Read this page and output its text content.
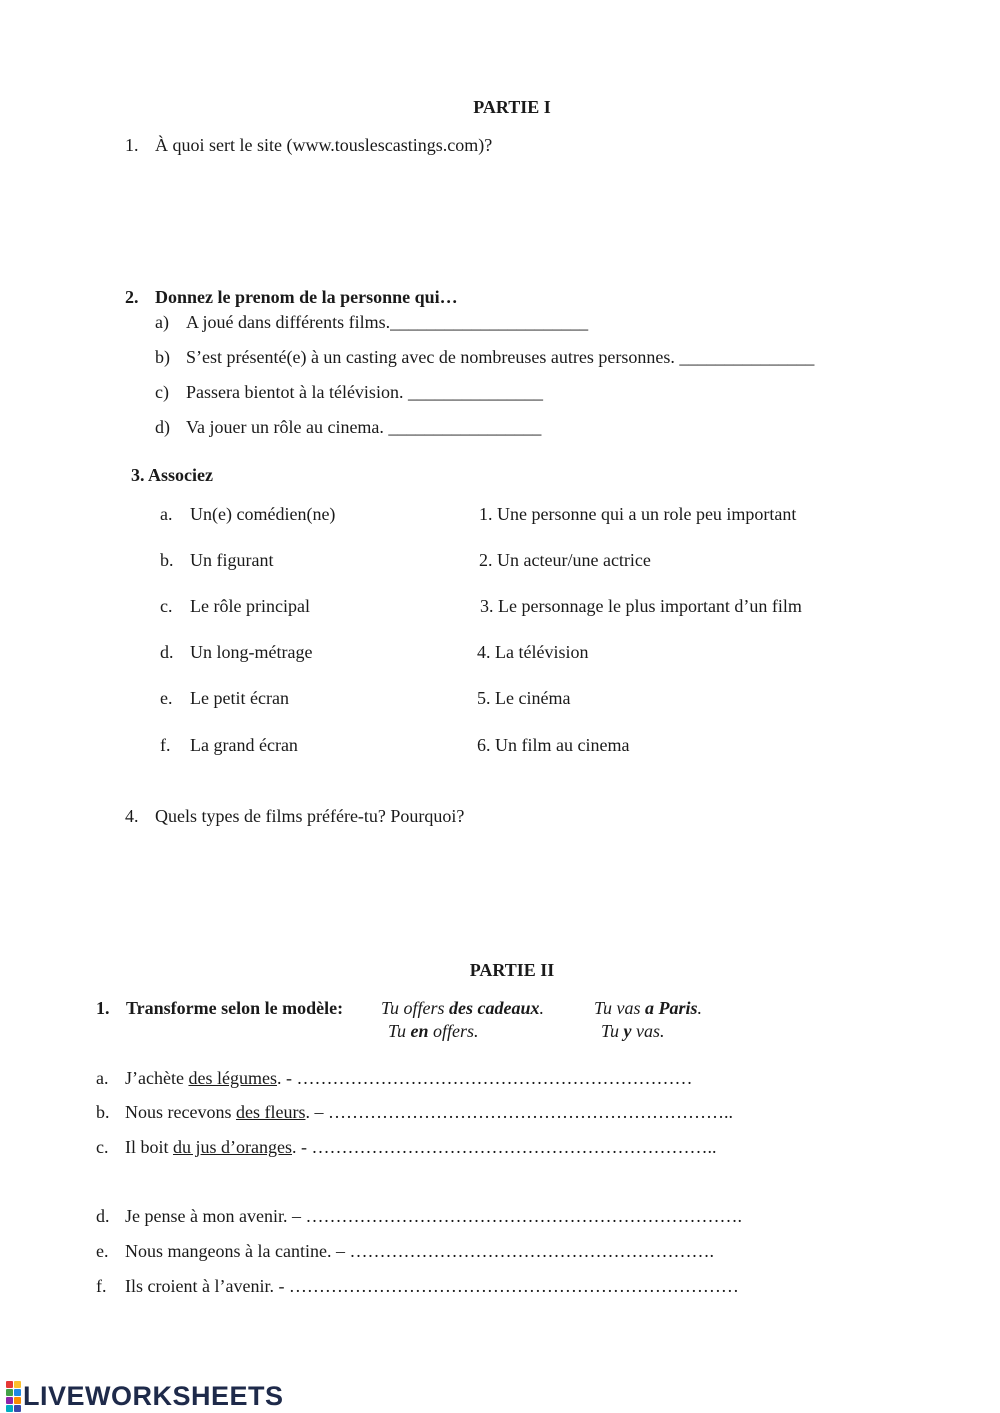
PARTIE I
1. À quoi sert le site (www.touslescastings.com)?
2. Donnez le prenom de la personne qui…
a) A joué dans différents films.______________________
b) S’est présenté(e) à un casting avec de nombreuses autres personnes. _______________
c) Passera bientot à la télévision. _______________
d) Va jouer un rôle au cinema. _________________
3. Associez
a. Un(e) comédien(ne)	1. Une personne qui a un role peu important
b. Un figurant	2. Un acteur/une actrice
c. Le rôle principal	3. Le personnage le plus important d’un film
d. Un long-métrage	4. La télévision
e. Le petit écran	5. Le cinéma
f. La grand écran	6. Un film au cinema
4. Quels types de films préfére-tu? Pourquoi?
PARTIE II
1. Transforme selon le modèle: Tu offers des cadeaux.
Tu en offers.
Tu vas a Paris.
Tu y vas.
a. J’achète des légumes. - …………………………………………………………
b. Nous recevons des fleurs. – …………………………………………………………..
c. Il boit du jus d’oranges. - …………………………………………………………..
d. Je pense à mon avenir. – ……………………………………………………………….
e. Nous mangeons à la cantine. – …………………………………………………….
f. Ils croient à l’avenir. - …………………………………………………………………
LIVEWORKSHEETS
